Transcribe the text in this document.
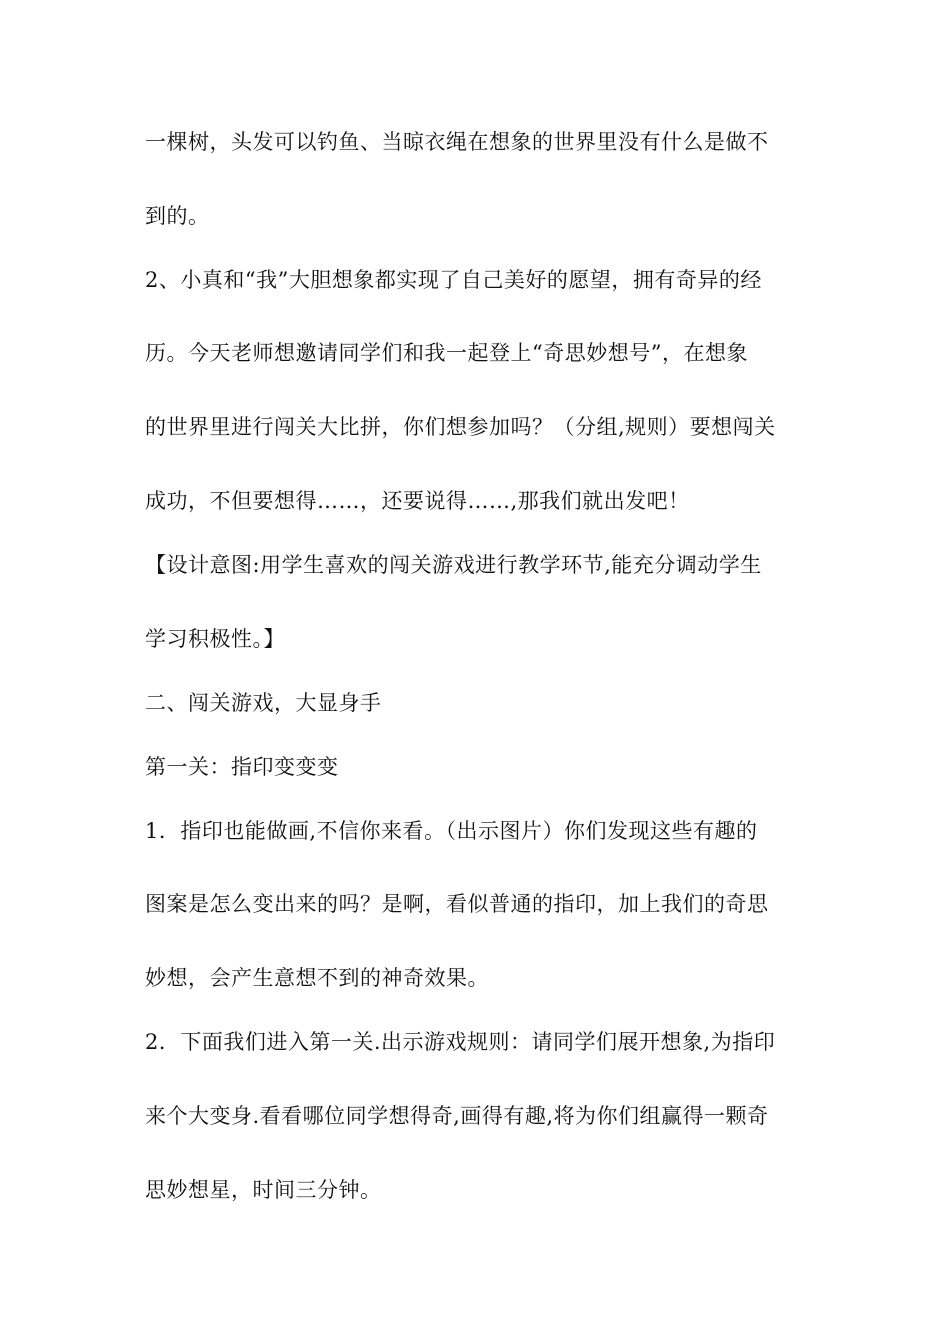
一棵树，头发可以钓鱼、当晾衣绳在想象的世界里没有什么是做不
到的。
2、小真和“我”大胆想象都实现了自己美好的愿望，拥有奇异的经
历。今天老师想邀请同学们和我一起登上“奇思妙想号”，在想象
的世界里进行闯关大比拼，你们想参加吗？（分组,规则）要想闯关
成功，不但要想得……，还要说得……,那我们就出发吧！
【设计意图:用学生喜欢的闯关游戏进行教学环节,能充分调动学生
学习积极性。】
二、闯关游戏，大显身手
第一关：指印变变变
1．指印也能做画,不信你来看。（出示图片）你们发现这些有趣的
图案是怎么变出来的吗？是啊，看似普通的指印，加上我们的奇思
妙想，会产生意想不到的神奇效果。
2．下面我们进入第一关.出示游戏规则：请同学们展开想象,为指印
来个大变身.看看哪位同学想得奇,画得有趣,将为你们组赢得一颗奇
思妙想星，时间三分钟。
